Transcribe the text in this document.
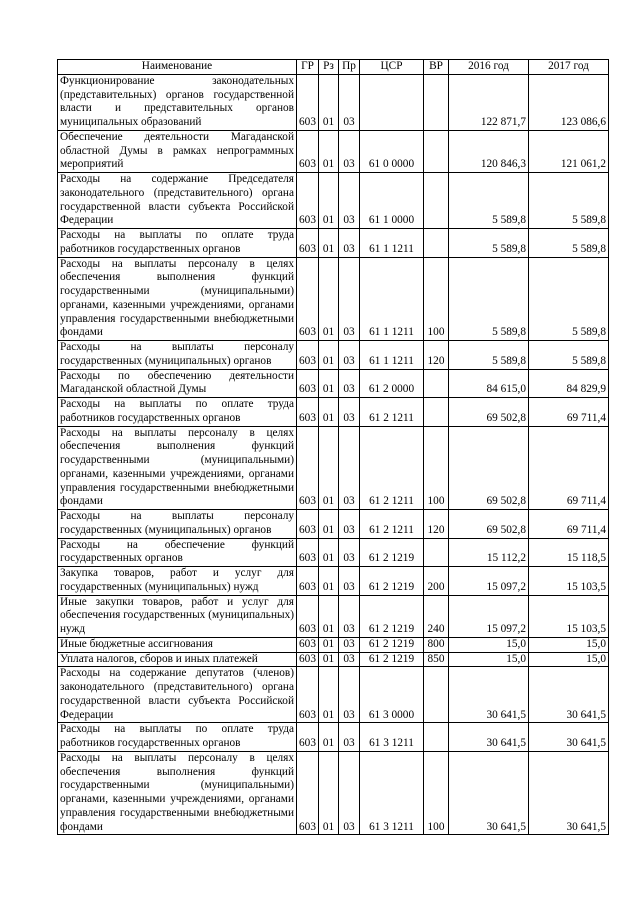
Наименование	ГР	Рз	Пр	ЦСР	ВР	2016 год	2017 год
Функционирование законодательных (представительных) органов государственной власти и представительных органов муниципальных образований	603	01	03			122 871,7	123 086,6
Обеспечение деятельности Магаданской областной Думы в рамках непрограммных мероприятий	603	01	03	61 0 0000		120 846,3	121 061,2
Расходы на содержание Председателя законодательного (представительного) органа государственной власти субъекта Российской Федерации	603	01	03	61 1 0000		5 589,8	5 589,8
Расходы на выплаты по оплате труда работников государственных органов	603	01	03	61 1 1211		5 589,8	5 589,8
Расходы на выплаты персоналу в целях обеспечения выполнения функций государственными (муниципальными) органами, казенными учреждениями, органами управления государственными внебюджетными фондами	603	01	03	61 1 1211	100	5 589,8	5 589,8
Расходы на выплаты персоналу государственных (муниципальных) органов	603	01	03	61 1 1211	120	5 589,8	5 589,8
Расходы по обеспечению деятельности Магаданской областной Думы	603	01	03	61 2 0000		84 615,0	84 829,9
Расходы на выплаты по оплате труда работников государственных органов	603	01	03	61 2 1211		69 502,8	69 711,4
Расходы на выплаты персоналу в целях обеспечения выполнения функций государственными (муниципальными) органами, казенными учреждениями, органами управления государственными внебюджетными фондами	603	01	03	61 2 1211	100	69 502,8	69 711,4
Расходы на выплаты персоналу государственных (муниципальных) органов	603	01	03	61 2 1211	120	69 502,8	69 711,4
Расходы на обеспечение функций государственных органов	603	01	03	61 2 1219		15 112,2	15 118,5
Закупка товаров, работ и услуг для государственных (муниципальных) нужд	603	01	03	61 2 1219	200	15 097,2	15 103,5
Иные закупки товаров, работ и услуг для обеспечения государственных (муниципальных) нужд	603	01	03	61 2 1219	240	15 097,2	15 103,5
Иные бюджетные ассигнования	603	01	03	61 2 1219	800	15,0	15,0
Уплата налогов, сборов и иных платежей	603	01	03	61 2 1219	850	15,0	15,0
Расходы на содержание депутатов (членов) законодательного (представительного) органа государственной власти субъекта Российской Федерации	603	01	03	61 3 0000		30 641,5	30 641,5
Расходы на выплаты по оплате труда работников государственных органов	603	01	03	61 3 1211		30 641,5	30 641,5
Расходы на выплаты персоналу в целях обеспечения выполнения функций государственными (муниципальными) органами, казенными учреждениями, органами управления государственными внебюджетными фондами	603	01	03	61 3 1211	100	30 641,5	30 641,5
